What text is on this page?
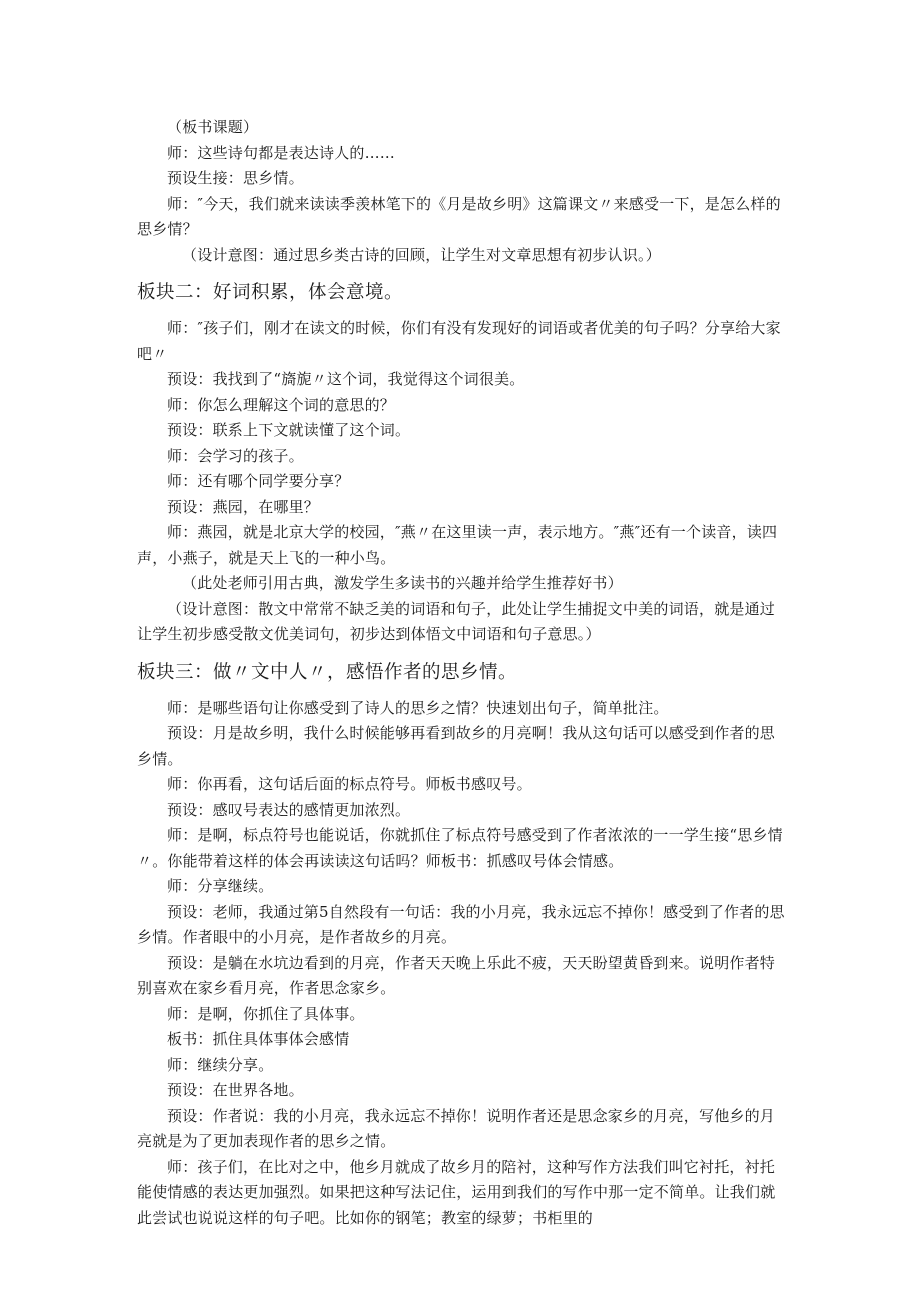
（板书课题）

师：这些诗句都是表达诗人的……

预设生接：思乡情。

师：″今天，我们就来读读季羡林笔下的《月是故乡明》这篇课文〃来感受一下，是怎么样的思乡情？

（设计意图：通过思乡类古诗的回顾，让学生对文章思想有初步认识。）

板块二：好词积累，体会意境。

师：″孩子们，刚才在读文的时候，你们有没有发现好的词语或者优美的句子吗？分享给大家吧〃

预设：我找到了“旖旎〃这个词，我觉得这个词很美。

师：你怎么理解这个词的意思的？

预设：联系上下文就读懂了这个词。

师：会学习的孩子。

师：还有哪个同学要分享？

预设：燕园，在哪里？

师：燕园，就是北京大学的校园，″燕〃在这里读一声，表示地方。″燕″还有一个读音，读四声，小燕子，就是天上飞的一种小鸟。

（此处老师引用古典，激发学生多读书的兴趣并给学生推荐好书）

（设计意图：散文中常常不缺乏美的词语和句子，此处让学生捕捉文中美的词语，就是通过让学生初步感受散文优美词句，初步达到体悟文中词语和句子意思。）

板块三：做〃文中人〃，感悟作者的思乡情。

师：是哪些语句让你感受到了诗人的思乡之情？快速划出句子，简单批注。

预设：月是故乡明，我什么时候能够再看到故乡的月亮啊！我从这句话可以感受到作者的思乡情。

师：你再看，这句话后面的标点符号。师板书感叹号。

预设：感叹号表达的感情更加浓烈。

师：是啊，标点符号也能说话，你就抓住了标点符号感受到了作者浓浓的一一学生接“思乡情〃。你能带着这样的体会再读读这句话吗？师板书：抓感叹号体会情感。

师：分享继续。

预设：老师，我通过第5自然段有一句话：我的小月亮，我永远忘不掉你！感受到了作者的思乡情。作者眼中的小月亮，是作者故乡的月亮。

预设：是躺在水坑边看到的月亮，作者天天晚上乐此不疲，天天盼望黄昏到来。说明作者特别喜欢在家乡看月亮，作者思念家乡。

师：是啊，你抓住了具体事。

板书：抓住具体事体会感情

师：继续分享。

预设：在世界各地。

预设：作者说：我的小月亮，我永远忘不掉你！说明作者还是思念家乡的月亮，写他乡的月亮就是为了更加表现作者的思乡之情。

师：孩子们，在比对之中，他乡月就成了故乡月的陪衬，这种写作方法我们叫它衬托，衬托能使情感的表达更加强烈。如果把这种写法记住，运用到我们的写作中那一定不简单。让我们就此尝试也说说这样的句子吧。比如你的钢笔；教室的绿萝；书柜里的
